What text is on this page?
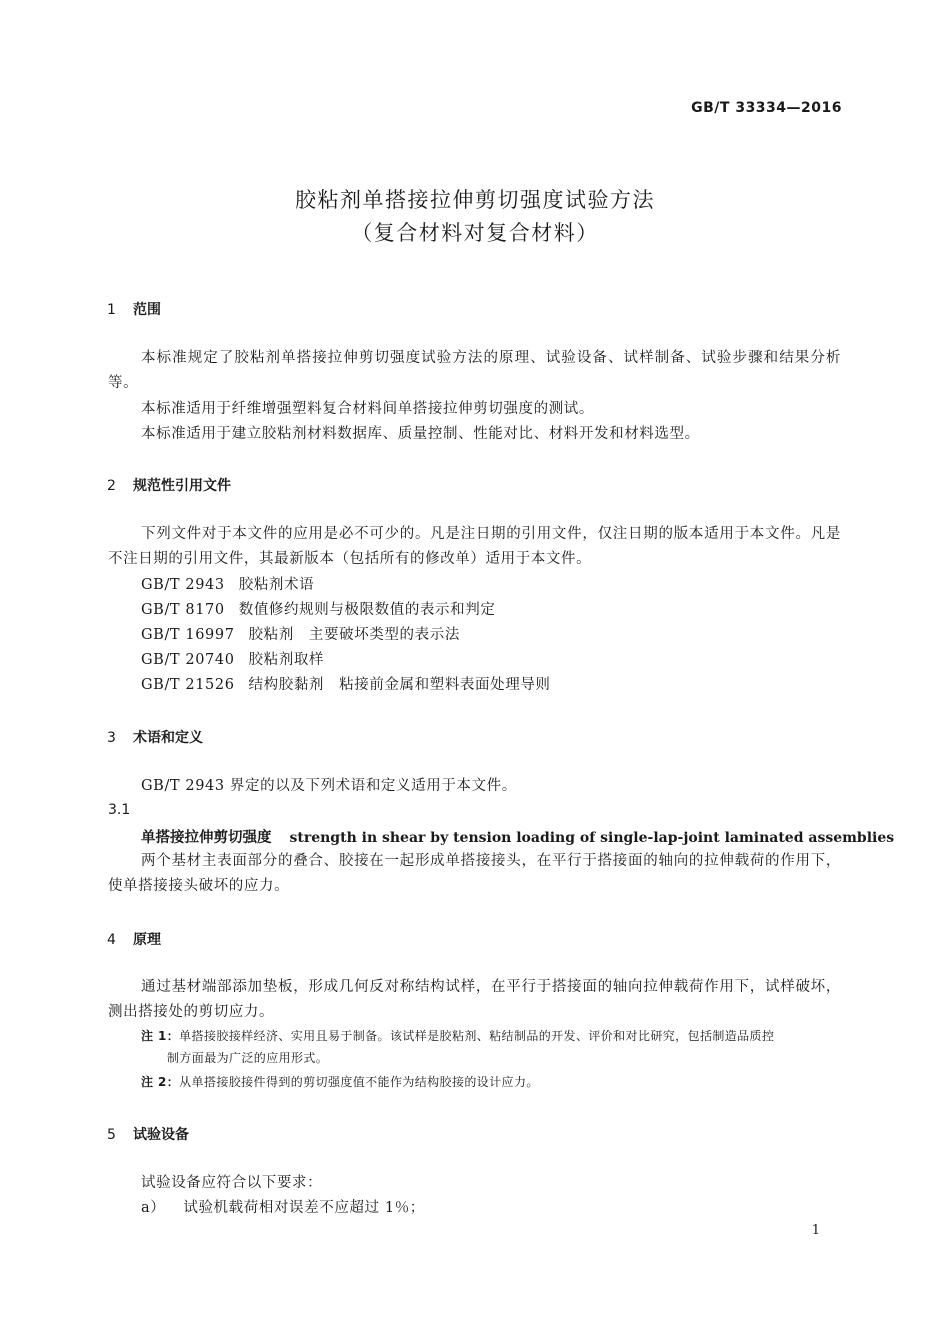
GB/T 33334—2016
胶粘剂单搭接拉伸剪切强度试验方法
（复合材料对复合材料）
1 范围
本标准规定了胶粘剂单搭接拉伸剪切强度试验方法的原理、试验设备、试样制备、试验步骤和结果分析等。
本标准适用于纤维增强塑料复合材料间单搭接拉伸剪切强度的测试。
本标准适用于建立胶粘剂材料数据库、质量控制、性能对比、材料开发和材料选型。
2 规范性引用文件
下列文件对于本文件的应用是必不可少的。凡是注日期的引用文件，仅注日期的版本适用于本文件。凡是不注日期的引用文件，其最新版本（包括所有的修改单）适用于本文件。
GB/T 2943 胶粘剂术语
GB/T 8170 数值修约规则与极限数值的表示和判定
GB/T 16997 胶粘剂　主要破坏类型的表示法
GB/T 20740 胶粘剂取样
GB/T 21526 结构胶黏剂　粘接前金属和塑料表面处理导则
3 术语和定义
GB/T 2943 界定的以及下列术语和定义适用于本文件。
3.1
单搭接拉伸剪切强度 strength in shear by tension loading of single-lap-joint laminated assemblies
两个基材主表面部分的叠合、胶接在一起形成单搭接接头，在平行于搭接面的轴向的拉伸载荷的作用下，使单搭接接头破坏的应力。
4 原理
通过基材端部添加垫板，形成几何反对称结构试样，在平行于搭接面的轴向拉伸载荷作用下，试样破坏，测出搭接处的剪切应力。
注 1：单搭接胶接样经济、实用且易于制备。该试样是胶粘剂、粘结制品的开发、评价和对比研究，包括制造品质控
制方面最为广泛的应用形式。
注 2：从单搭接胶接件得到的剪切强度值不能作为结构胶接的设计应力。
5 试验设备
试验设备应符合以下要求：
a） 试验机载荷相对误差不应超过 1％；
1
